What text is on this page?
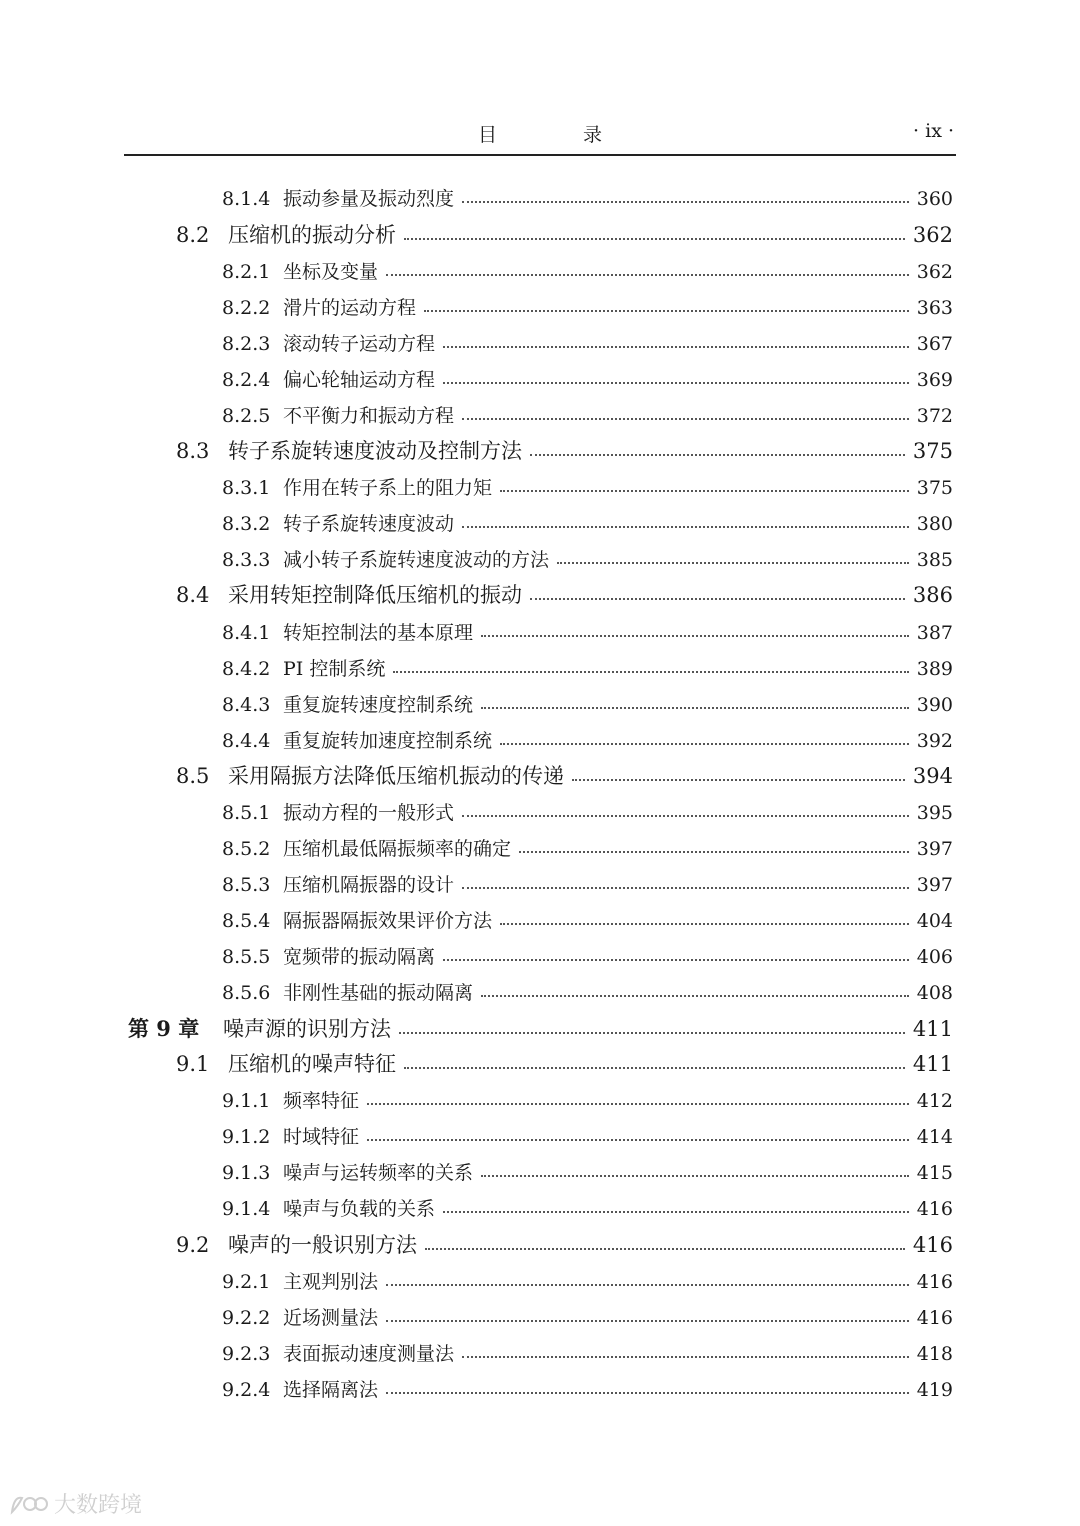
目 录	· ix ·
8.1.4 振动参量及振动烈度	360
8.2 压缩机的振动分析	362
8.2.1 坐标及变量	362
8.2.2 滑片的运动方程	363
8.2.3 滚动转子运动方程	367
8.2.4 偏心轮轴运动方程	369
8.2.5 不平衡力和振动方程	372
8.3 转子系旋转速度波动及控制方法	375
8.3.1 作用在转子系上的阻力矩	375
8.3.2 转子系旋转速度波动	380
8.3.3 减小转子系旋转速度波动的方法	385
8.4 采用转矩控制降低压缩机的振动	386
8.4.1 转矩控制法的基本原理	387
8.4.2 PI 控制系统	389
8.4.3 重复旋转速度控制系统	390
8.4.4 重复旋转加速度控制系统	392
8.5 采用隔振方法降低压缩机振动的传递	394
8.5.1 振动方程的一般形式	395
8.5.2 压缩机最低隔振频率的确定	397
8.5.3 压缩机隔振器的设计	397
8.5.4 隔振器隔振效果评价方法	404
8.5.5 宽频带的振动隔离	406
8.5.6 非刚性基础的振动隔离	408
第 9 章	噪声源的识别方法	411
9.1 压缩机的噪声特征	411
9.1.1 频率特征	412
9.1.2 时域特征	414
9.1.3 噪声与运转频率的关系	415
9.1.4 噪声与负载的关系	416
9.2 噪声的一般识别方法	416
9.2.1 主观判别法	416
9.2.2 近场测量法	416
9.2.3 表面振动速度测量法	418
9.2.4 选择隔离法	419
大数跨境
